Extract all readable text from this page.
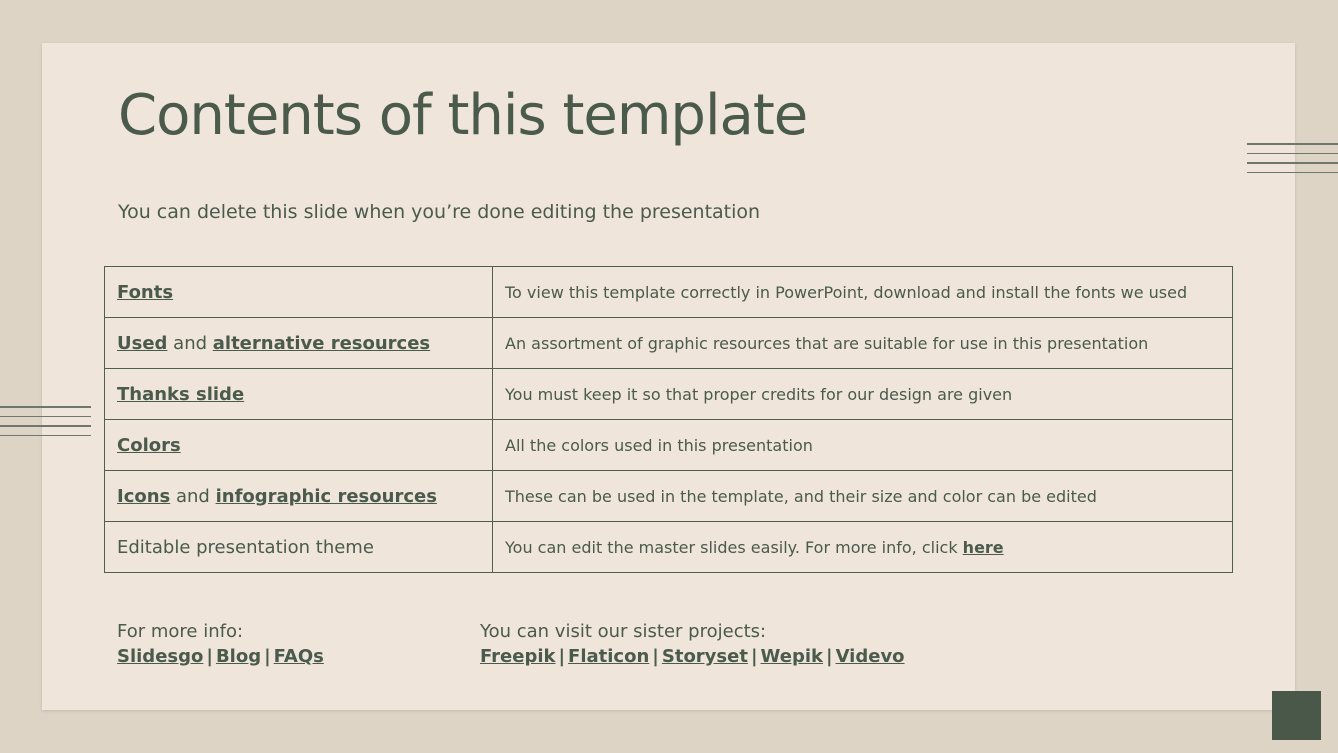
Contents of this template

You can delete this slide when you’re done editing the presentation

Fonts	To view this template correctly in PowerPoint, download and install the fonts we used
Used and alternative resources	An assortment of graphic resources that are suitable for use in this presentation
Thanks slide	You must keep it so that proper credits for our design are given
Colors	All the colors used in this presentation
Icons and infographic resources	These can be used in the template, and their size and color can be edited
Editable presentation theme	You can edit the master slides easily. For more info, click here
For more info:
Slidesgo | Blog | FAQs
You can visit our sister projects:
Freepik | Flaticon | Storyset | Wepik | Videvo
